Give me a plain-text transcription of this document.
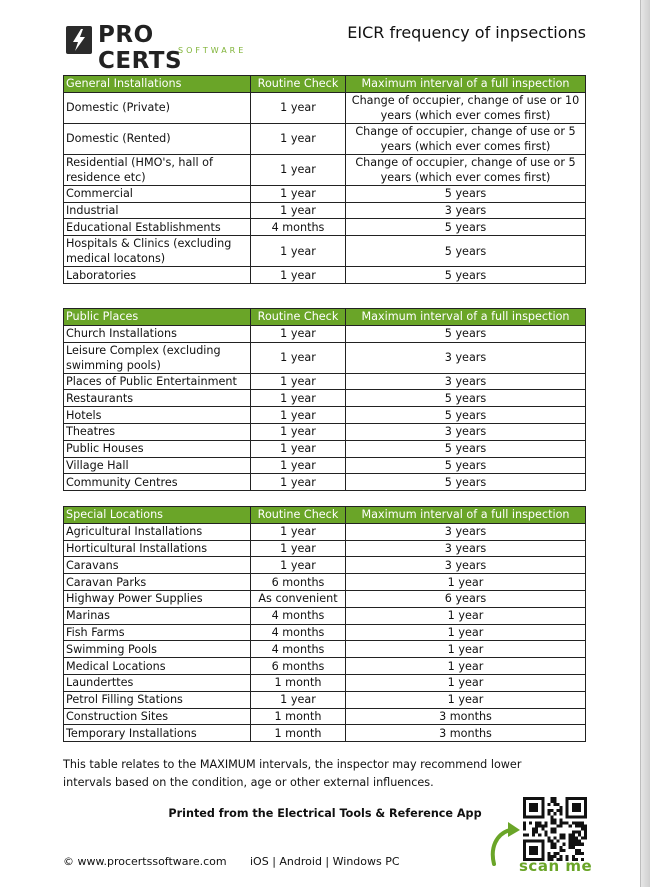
PRO CERTS
SOFTWARE
EICR frequency of inpsections
General Installations	Routine Check	Maximum interval of a full inspection
Domestic (Private)	1 year	Change of occupier, change of use or 10 years (which ever comes first)
Domestic (Rented)	1 year	Change of occupier, change of use or 5 years (which ever comes first)
Residential (HMO's, hall of residence etc)	1 year	Change of occupier, change of use or 5 years (which ever comes first)
Commercial	1 year	5 years
Industrial	1 year	3 years
Educational Establishments	4 months	5 years
Hospitals & Clinics (excluding medical locatons)	1 year	5 years
Laboratories	1 year	5 years
Public Places	Routine Check	Maximum interval of a full inspection
Church Installations	1 year	5 years
Leisure Complex (excluding swimming pools)	1 year	3 years
Places of Public Entertainment	1 year	3 years
Restaurants	1 year	5 years
Hotels	1 year	5 years
Theatres	1 year	3 years
Public Houses	1 year	5 years
Village Hall	1 year	5 years
Community Centres	1 year	5 years
Special Locations	Routine Check	Maximum interval of a full inspection
Agricultural Installations	1 year	3 years
Horticultural Installations	1 year	3 years
Caravans	1 year	3 years
Caravan Parks	6 months	1 year
Highway Power Supplies	As convenient	6 years
Marinas	4 months	1 year
Fish Farms	4 months	1 year
Swimming Pools	4 months	1 year
Medical Locations	6 months	1 year
Launderttes	1 month	1 year
Petrol Filling Stations	1 year	1 year
Construction Sites	1 month	3 months
Temporary Installations	1 month	3 months
This table relates to the MAXIMUM intervals, the inspector may recommend lower intervals based on the condition, age or other external influences.
Printed from the Electrical Tools & Reference App
© www.procertssoftware.com iOS | Android | Windows PC	scan me
